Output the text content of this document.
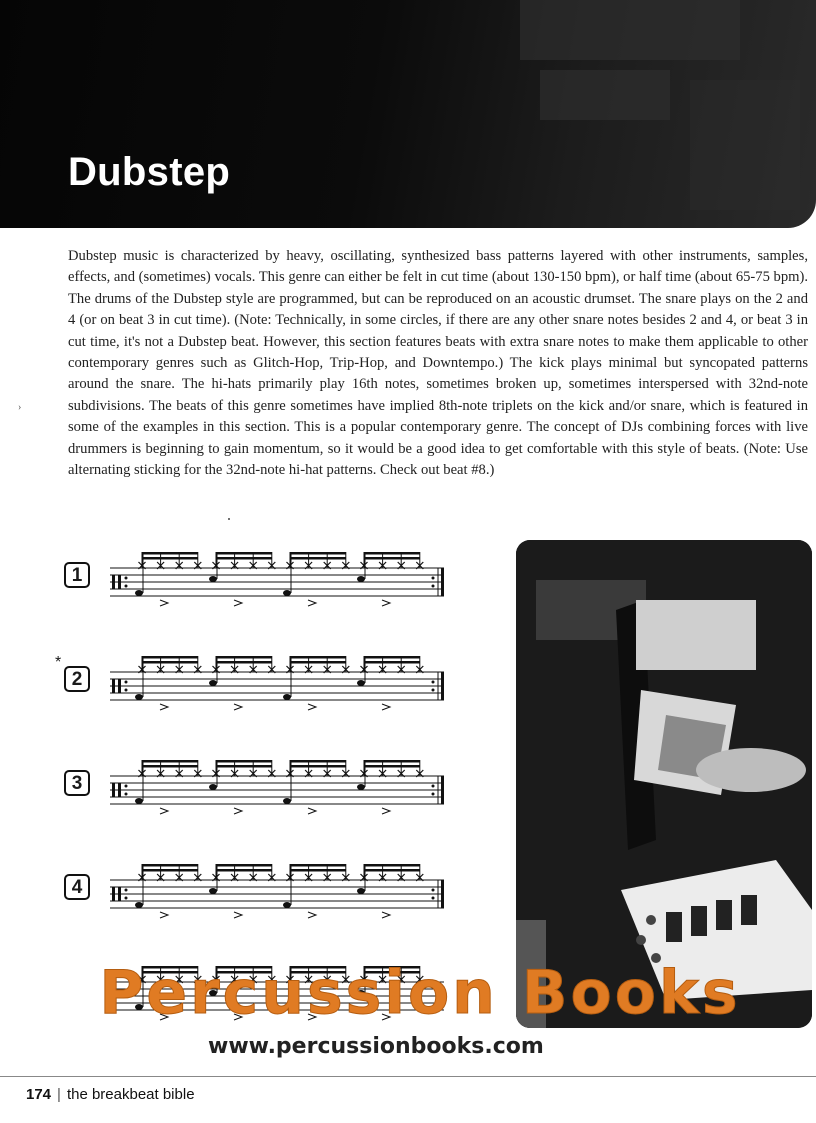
Dubstep

Dubstep music is characterized by heavy, oscillating, synthesized bass patterns layered with other instruments, samples, effects, and (sometimes) vocals. This genre can either be felt in cut time (about 130-150 bpm), or half time (about 65-75 bpm). The drums of the Dubstep style are programmed, but can be reproduced on an acoustic drumset. The snare plays on the 2 and 4 (or on beat 3 in cut time). (Note: Technically, in some circles, if there are any other snare notes besides 2 and 4, or beat 3 in cut time, it's not a Dubstep beat. However, this section features beats with extra snare notes to make them applicable to other contemporary genres such as Glitch-Hop, Trip-Hop, and Downtempo.) The kick plays minimal but syncopated patterns around the snare. The hi-hats primarily play 16th notes, sometimes broken up, sometimes interspersed with 32nd-note subdivisions. The beats of this genre sometimes have implied 8th-note triplets on the kick and/or snare, which is featured in some of the examples in this section. This is a popular contemporary genre. The concept of DJs combining forces with live drummers is beginning to gain momentum, so it would be a good idea to get comfortable with this style of beats. (Note: Use alternating sticking for the 32nd-note hi-hat patterns. Check out beat #8.)

›
1
*
2
3
4
Percussion Books
www.percussionbooks.com
174 | the breakbeat bible
